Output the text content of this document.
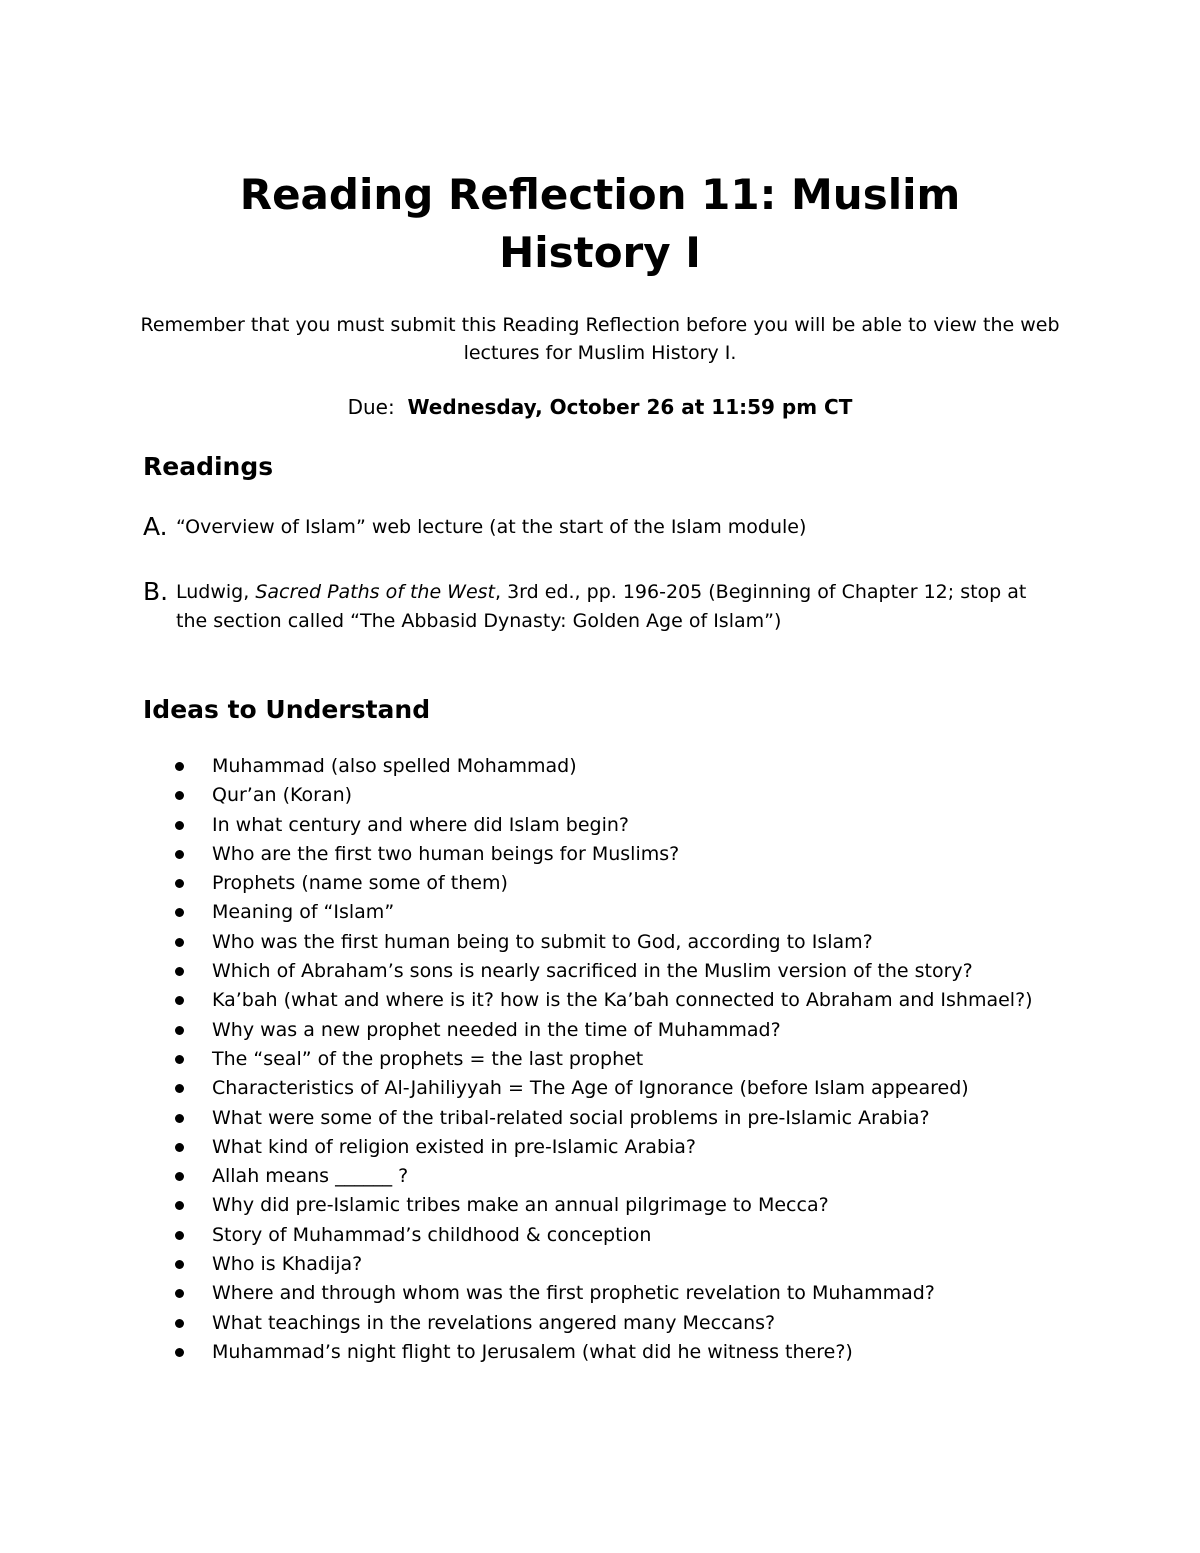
Reading Reflection 11: Muslim
History I

Remember that you must submit this Reading Reflection before you will be able to view the web lectures for Muslim History I.

Due: Wednesday, October 26 at 11:59 pm CT

Readings
A. “Overview of Islam” web lecture (at the start of the Islam module)
B. Ludwig, Sacred Paths of the West, 3rd ed., pp. 196-205 (Beginning of Chapter 12; stop at the section called “The Abbasid Dynasty: Golden Age of Islam”)
Ideas to Understand
Muhammad (also spelled Mohammad)
Qur’an (Koran)
In what century and where did Islam begin?
Who are the first two human beings for Muslims?
Prophets (name some of them)
Meaning of “Islam”
Who was the first human being to submit to God, according to Islam?
Which of Abraham’s sons is nearly sacrificed in the Muslim version of the story?
Ka’bah (what and where is it? how is the Ka’bah connected to Abraham and Ishmael?)
Why was a new prophet needed in the time of Muhammad?
The “seal” of the prophets = the last prophet
Characteristics of Al-Jahiliyyah = The Age of Ignorance (before Islam appeared)
What were some of the tribal-related social problems in pre-Islamic Arabia?
What kind of religion existed in pre-Islamic Arabia?
Allah means ______ ?
Why did pre-Islamic tribes make an annual pilgrimage to Mecca?
Story of Muhammad’s childhood & conception
Who is Khadija?
Where and through whom was the first prophetic revelation to Muhammad?
What teachings in the revelations angered many Meccans?
Muhammad’s night flight to Jerusalem (what did he witness there?)
